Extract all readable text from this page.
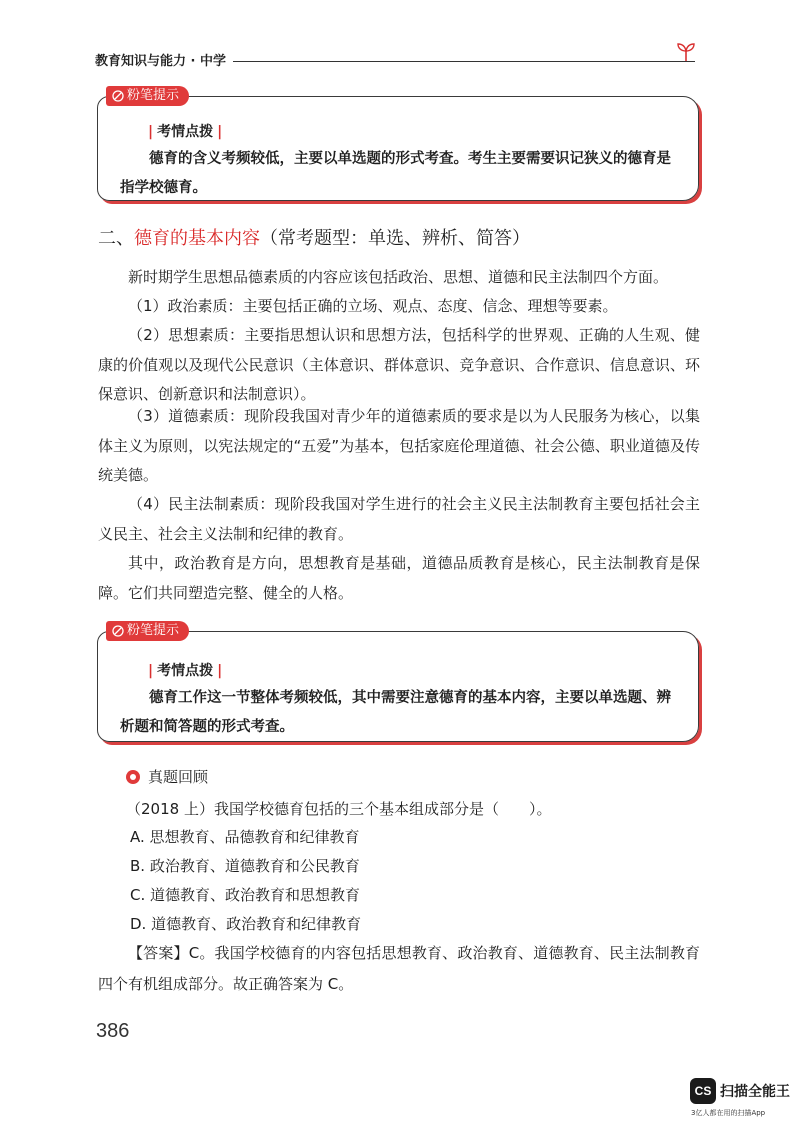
教育知识与能力 · 中学
粉笔提示
| 考情点拨 |
德育的含义考频较低，主要以单选题的形式考查。考生主要需要识记狭义的德育是指学校德育。
二、德育的基本内容（常考题型：单选、辨析、简答）
新时期学生思想品德素质的内容应该包括政治、思想、道德和民主法制四个方面。
（1）政治素质：主要包括正确的立场、观点、态度、信念、理想等要素。
（2）思想素质：主要指思想认识和思想方法，包括科学的世界观、正确的人生观、健康的价值观以及现代公民意识（主体意识、群体意识、竞争意识、合作意识、信息意识、环保意识、创新意识和法制意识）。
（3）道德素质：现阶段我国对青少年的道德素质的要求是以为人民服务为核心，以集体主义为原则，以宪法规定的“五爱”为基本，包括家庭伦理道德、社会公德、职业道德及传统美德。
（4）民主法制素质：现阶段我国对学生进行的社会主义民主法制教育主要包括社会主义民主、社会主义法制和纪律的教育。
其中，政治教育是方向，思想教育是基础，道德品质教育是核心，民主法制教育是保障。它们共同塑造完整、健全的人格。
粉笔提示
| 考情点拨 |
德育工作这一节整体考频较低，其中需要注意德育的基本内容，主要以单选题、辨析题和简答题的形式考查。
真题回顾
（2018 上）我国学校德育包括的三个基本组成部分是（　　）。
A. 思想教育、品德教育和纪律教育
B. 政治教育、道德教育和公民教育
C. 道德教育、政治教育和思想教育
D. 道德教育、政治教育和纪律教育
【答案】C。我国学校德育的内容包括思想教育、政治教育、道德教育、民主法制教育四个有机组成部分。故正确答案为 C。
386
CS 扫描全能王
3亿人都在用的扫描App
